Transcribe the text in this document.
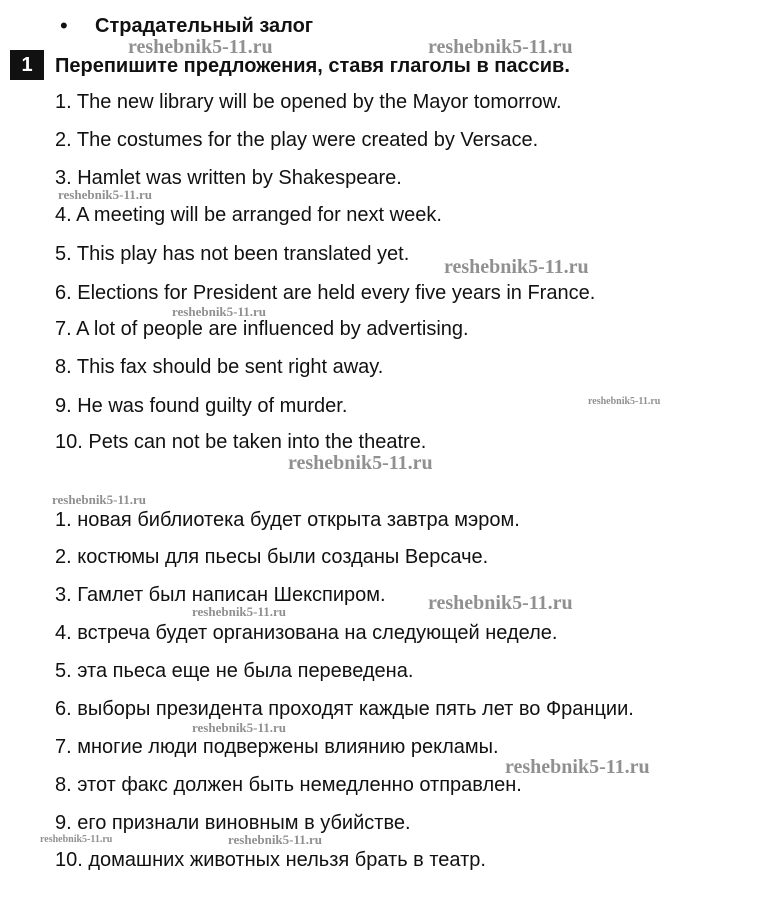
• Страдательный залог
1	Перепишите предложения, ставя глаголы в пассив.
1. The new library will be opened by the Mayor tomorrow.
2. The costumes for the play were created by Versace.
3. Hamlet was written by Shakespeare.
4. A meeting will be arranged for next week.
5. This play has not been translated yet.
6. Elections for President are held every five years in France.
7. A lot of people are influenced by advertising.
8. This fax should be sent right away.
9. He was found guilty of murder.
10. Pets can not be taken into the theatre.
1. новая библиотека будет открыта завтра мэром.
2. костюмы для пьесы были созданы Версаче.
3. Гамлет был написан Шекспиром.
4. встреча будет организована на следующей неделе.
5. эта пьеса еще не была переведена.
6. выборы президента проходят каждые пять лет во Франции.
7. многие люди подвержены влиянию рекламы.
8. этот факс должен быть немедленно отправлен.
9. его признали виновным в убийстве.
10. домашних животных нельзя брать в театр.
reshebnik5-11.ru	reshebnik5-11.ru
reshebnik5-11.ru
reshebnik5-11.ru
reshebnik5-11.ru
reshebnik5-11.ru
reshebnik5-11.ru
reshebnik5-11.ru
reshebnik5-11.ru	reshebnik5-11.ru
reshebnik5-11.ru
reshebnik5-11.ru
reshebnik5-11.ru	reshebnik5-11.ru
